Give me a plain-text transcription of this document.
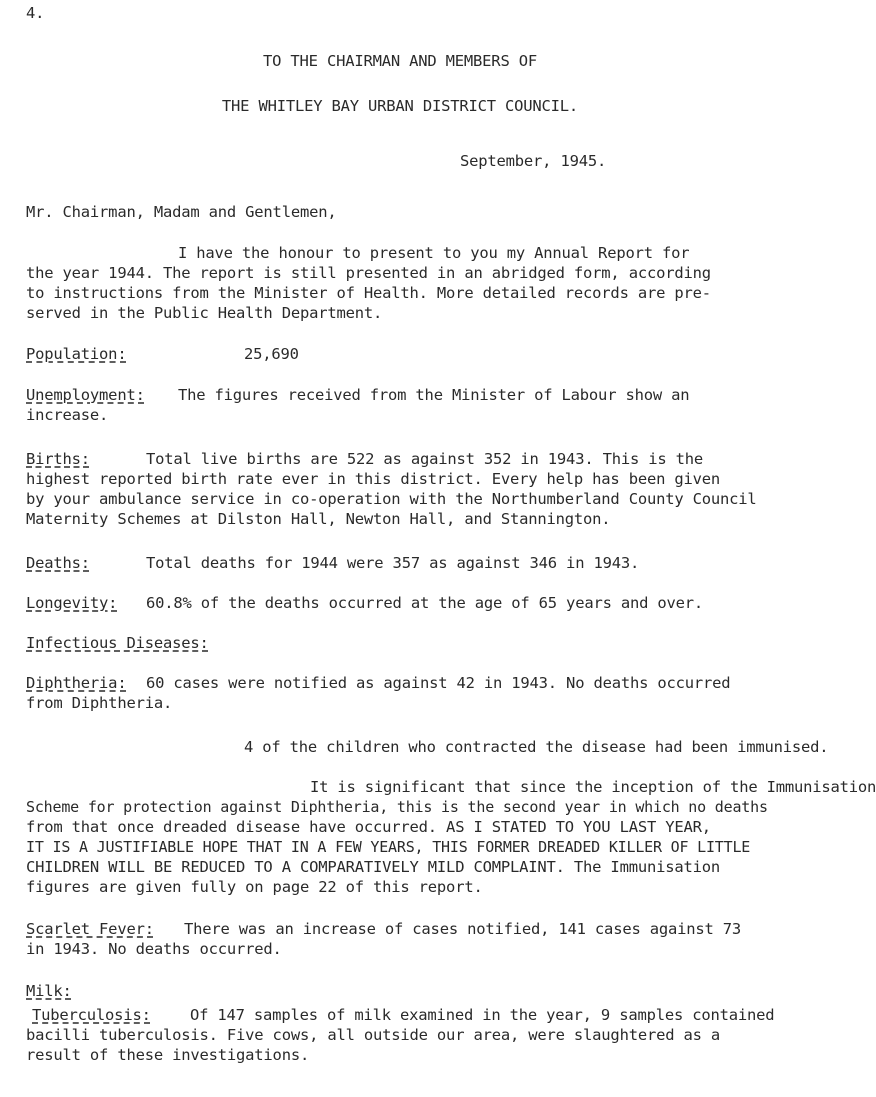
4.
TO THE CHAIRMAN AND MEMBERS OF
THE WHITLEY BAY URBAN DISTRICT COUNCIL.
September, 1945.
Mr. Chairman, Madam and Gentlemen,
I have the honour to present to you my Annual Report for
the year 1944. The report is still presented in an abridged form, according
to instructions from the Minister of Health. More detailed records are pre-
served in the Public Health Department.
Population:	25,690
Unemployment: The figures received from the Minister of Labour show an
increase.
Births:	Total live births are 522 as against 352 in 1943. This is the
highest reported birth rate ever in this district. Every help has been given
by your ambulance service in co-operation with the Northumberland County Council
Maternity Schemes at Dilston Hall, Newton Hall, and Stannington.
Deaths:	Total deaths for 1944 were 357 as against 346 in 1943.
Longevity: 60.8% of the deaths occurred at the age of 65 years and over.
Infectious Diseases:
Diphtheria: 60 cases were notified as against 42 in 1943. No deaths occurred
from Diphtheria.
4 of the children who contracted the disease had been immunised.
It is significant that since the inception of the Immunisation
Scheme for protection against Diphtheria, this is the second year in which no deaths
from that once dreaded disease have occurred. AS I STATED TO YOU LAST YEAR,
IT IS A JUSTIFIABLE HOPE THAT IN A FEW YEARS, THIS FORMER DREADED KILLER OF LITTLE
CHILDREN WILL BE REDUCED TO A COMPARATIVELY MILD COMPLAINT. The Immunisation
figures are given fully on page 22 of this report.
Scarlet Fever: There was an increase of cases notified, 141 cases against 73
in 1943. No deaths occurred.
Milk:
Tuberculosis:	Of 147 samples of milk examined in the year, 9 samples contained
bacilli tuberculosis. Five cows, all outside our area, were slaughtered as a
result of these investigations.
